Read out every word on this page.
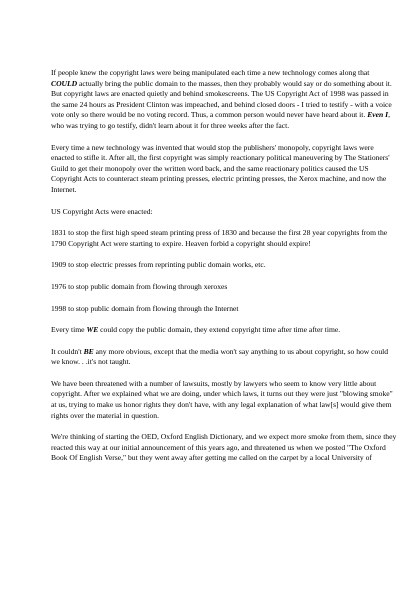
If people knew the copyright laws were being manipulated each time a new technology comes along that COULD actually bring the public domain to the masses, then they probably would say or do something about it. But copyright laws are enacted quietly and behind smokescreens. The US Copyright Act of 1998 was passed in the same 24 hours as President Clinton was impeached, and behind closed doors - I tried to testify - with a voice vote only so there would be no voting record. Thus, a common person would never have heard about it. Even I, who was trying to go testify, didn't learn about it for three weeks after the fact.

Every time a new technology was invented that would stop the publishers' monopoly, copyright laws were enacted to stifle it. After all, the first copyright was simply reactionary political maneuvering by The Stationers' Guild to get their monopoly over the written word back, and the same reactionary politics caused the US Copyright Acts to counteract steam printing presses, electric printing presses, the Xerox machine, and now the Internet.

US Copyright Acts were enacted:

1831 to stop the first high speed steam printing press of 1830 and because the first 28 year copyrights from the 1790 Copyright Act were starting to expire. Heaven forbid a copyright should expire!

1909 to stop electric presses from reprinting public domain works, etc.

1976 to stop public domain from flowing through xeroxes

1998 to stop public domain from flowing through the Internet

Every time WE could copy the public domain, they extend copyright time after time after time.

It couldn't BE any more obvious, except that the media won't say anything to us about copyright, so how could we know. . .it's not taught.

We have been threatened with a number of lawsuits, mostly by lawyers who seem to know very little about copyright. After we explained what we are doing, under which laws, it turns out they were just "blowing smoke" at us, trying to make us honor rights they don't have, with any legal explanation of what law[s] would give them rights over the material in question.

We're thinking of starting the OED, Oxford English Dictionary, and we expect more smoke from them, since they reacted this way at our initial announcement of this years ago, and threatened us when we posted "The Oxford Book Of English Verse," but they went away after getting me called on the carpet by a local University of
